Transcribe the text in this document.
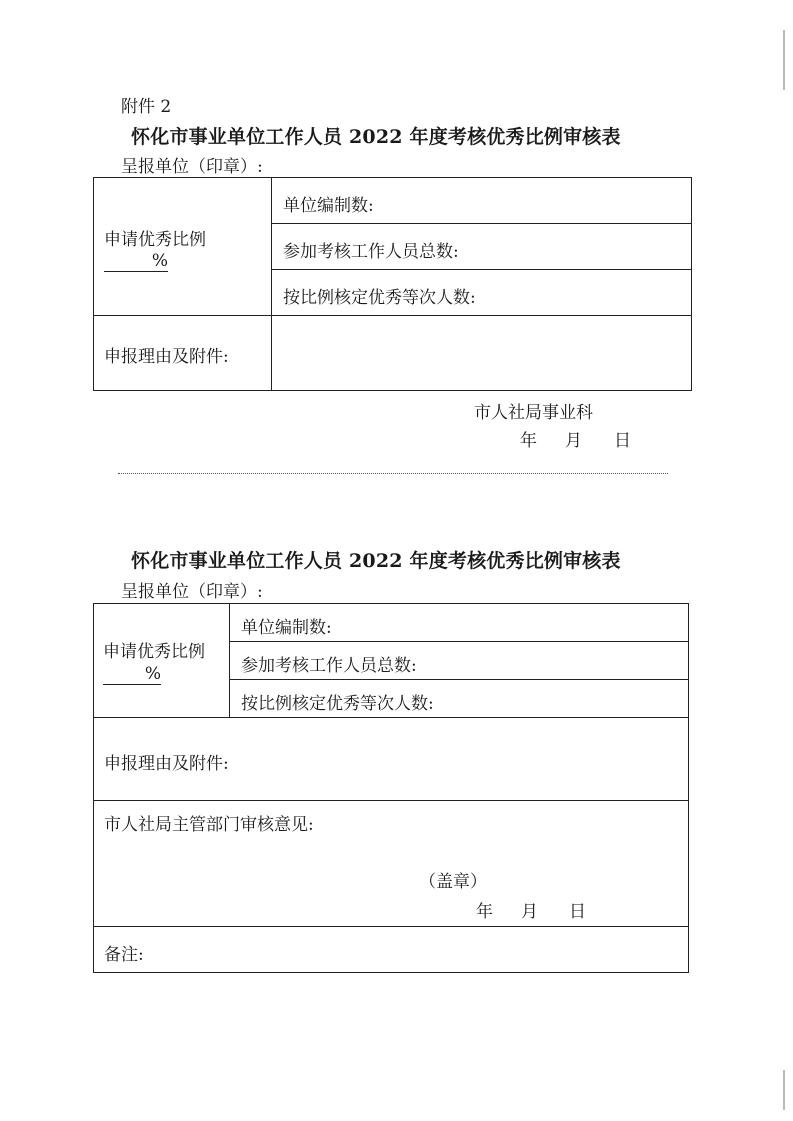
附件 2
怀化市事业单位工作人员 2022 年度考核优秀比例审核表
呈报单位（印章）:
申请优秀比例
%
单位编制数:
参加考核工作人员总数:
按比例核定优秀等次人数:
申报理由及附件:
市人社局事业科
年 月 日
怀化市事业单位工作人员 2022 年度考核优秀比例审核表
呈报单位（印章）:
申请优秀比例
%
单位编制数:
参加考核工作人员总数:
按比例核定优秀等次人数:
申报理由及附件:
市人社局主管部门审核意见:
（盖章）
年 月 日
备注:
